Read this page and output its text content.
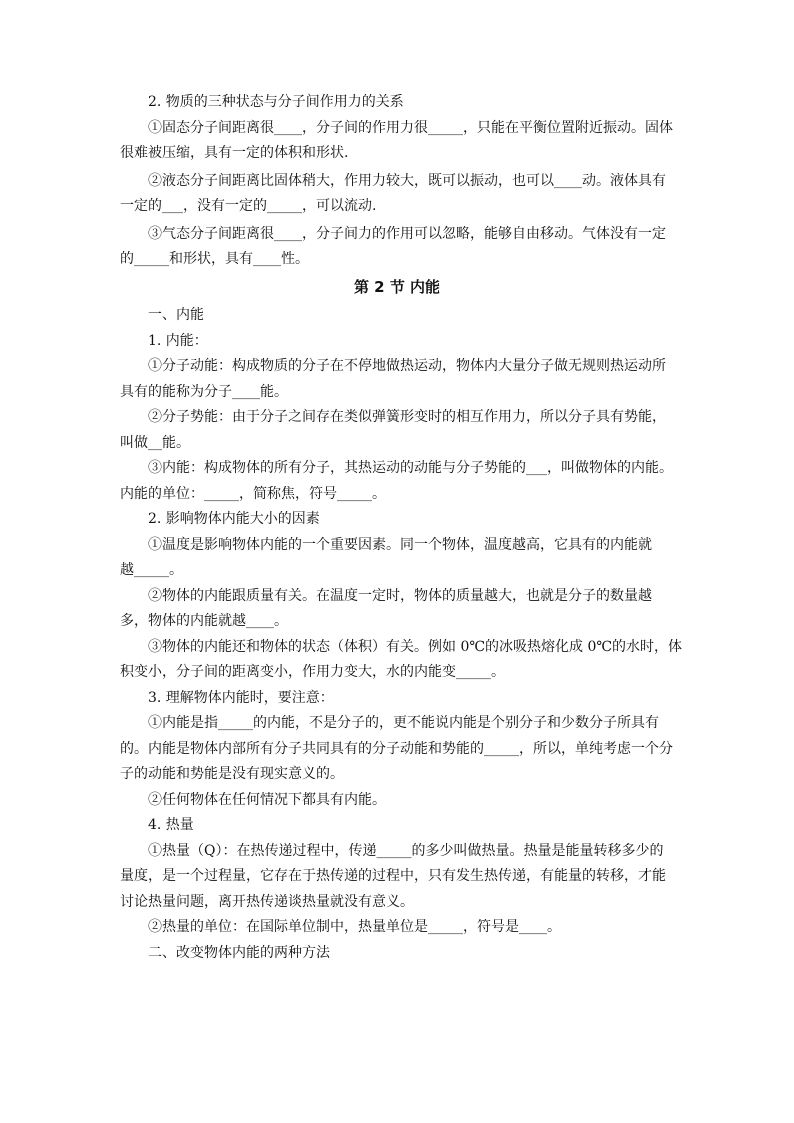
2. 物质的三种状态与分子间作用力的关系

①固态分子间距离很____，分子间的作用力很_____，只能在平衡位置附近振动。固体

很难被压缩，具有一定的体积和形状.

②液态分子间距离比固体稍大，作用力较大，既可以振动，也可以____动。液体具有

一定的___，没有一定的_____，可以流动.

③气态分子间距离很____，分子间力的作用可以忽略，能够自由移动。气体没有一定

的_____和形状，具有____性。

第 2 节 内能

一、内能

1. 内能：

①分子动能：构成物质的分子在不停地做热运动，物体内大量分子做无规则热运动所

具有的能称为分子____能。

②分子势能：由于分子之间存在类似弹簧形变时的相互作用力，所以分子具有势能，

叫做__能。

③内能：构成物体的所有分子，其热运动的动能与分子势能的___，叫做物体的内能。

内能的单位：_____，简称焦，符号_____。

2. 影响物体内能大小的因素

①温度是影响物体内能的一个重要因素。同一个物体，温度越高，它具有的内能就

越_____。

②物体的内能跟质量有关。在温度一定时，物体的质量越大，也就是分子的数量越

多，物体的内能就越____。

③物体的内能还和物体的状态（体积）有关。例如 0℃的冰吸热熔化成 0℃的水时，体

积变小，分子间的距离变小，作用力变大，水的内能变_____。

3. 理解物体内能时，要注意：

①内能是指_____的内能，不是分子的，更不能说内能是个别分子和少数分子所具有

的。内能是物体内部所有分子共同具有的分子动能和势能的_____，所以，单纯考虑一个分

子的动能和势能是没有现实意义的。

②任何物体在任何情况下都具有内能。

4. 热量

①热量（Q）：在热传递过程中，传递_____的多少叫做热量。热量是能量转移多少的

量度，是一个过程量，它存在于热传递的过程中，只有发生热传递，有能量的转移，才能

讨论热量问题，离开热传递谈热量就没有意义。

②热量的单位：在国际单位制中，热量单位是_____，符号是____。

二、改变物体内能的两种方法
